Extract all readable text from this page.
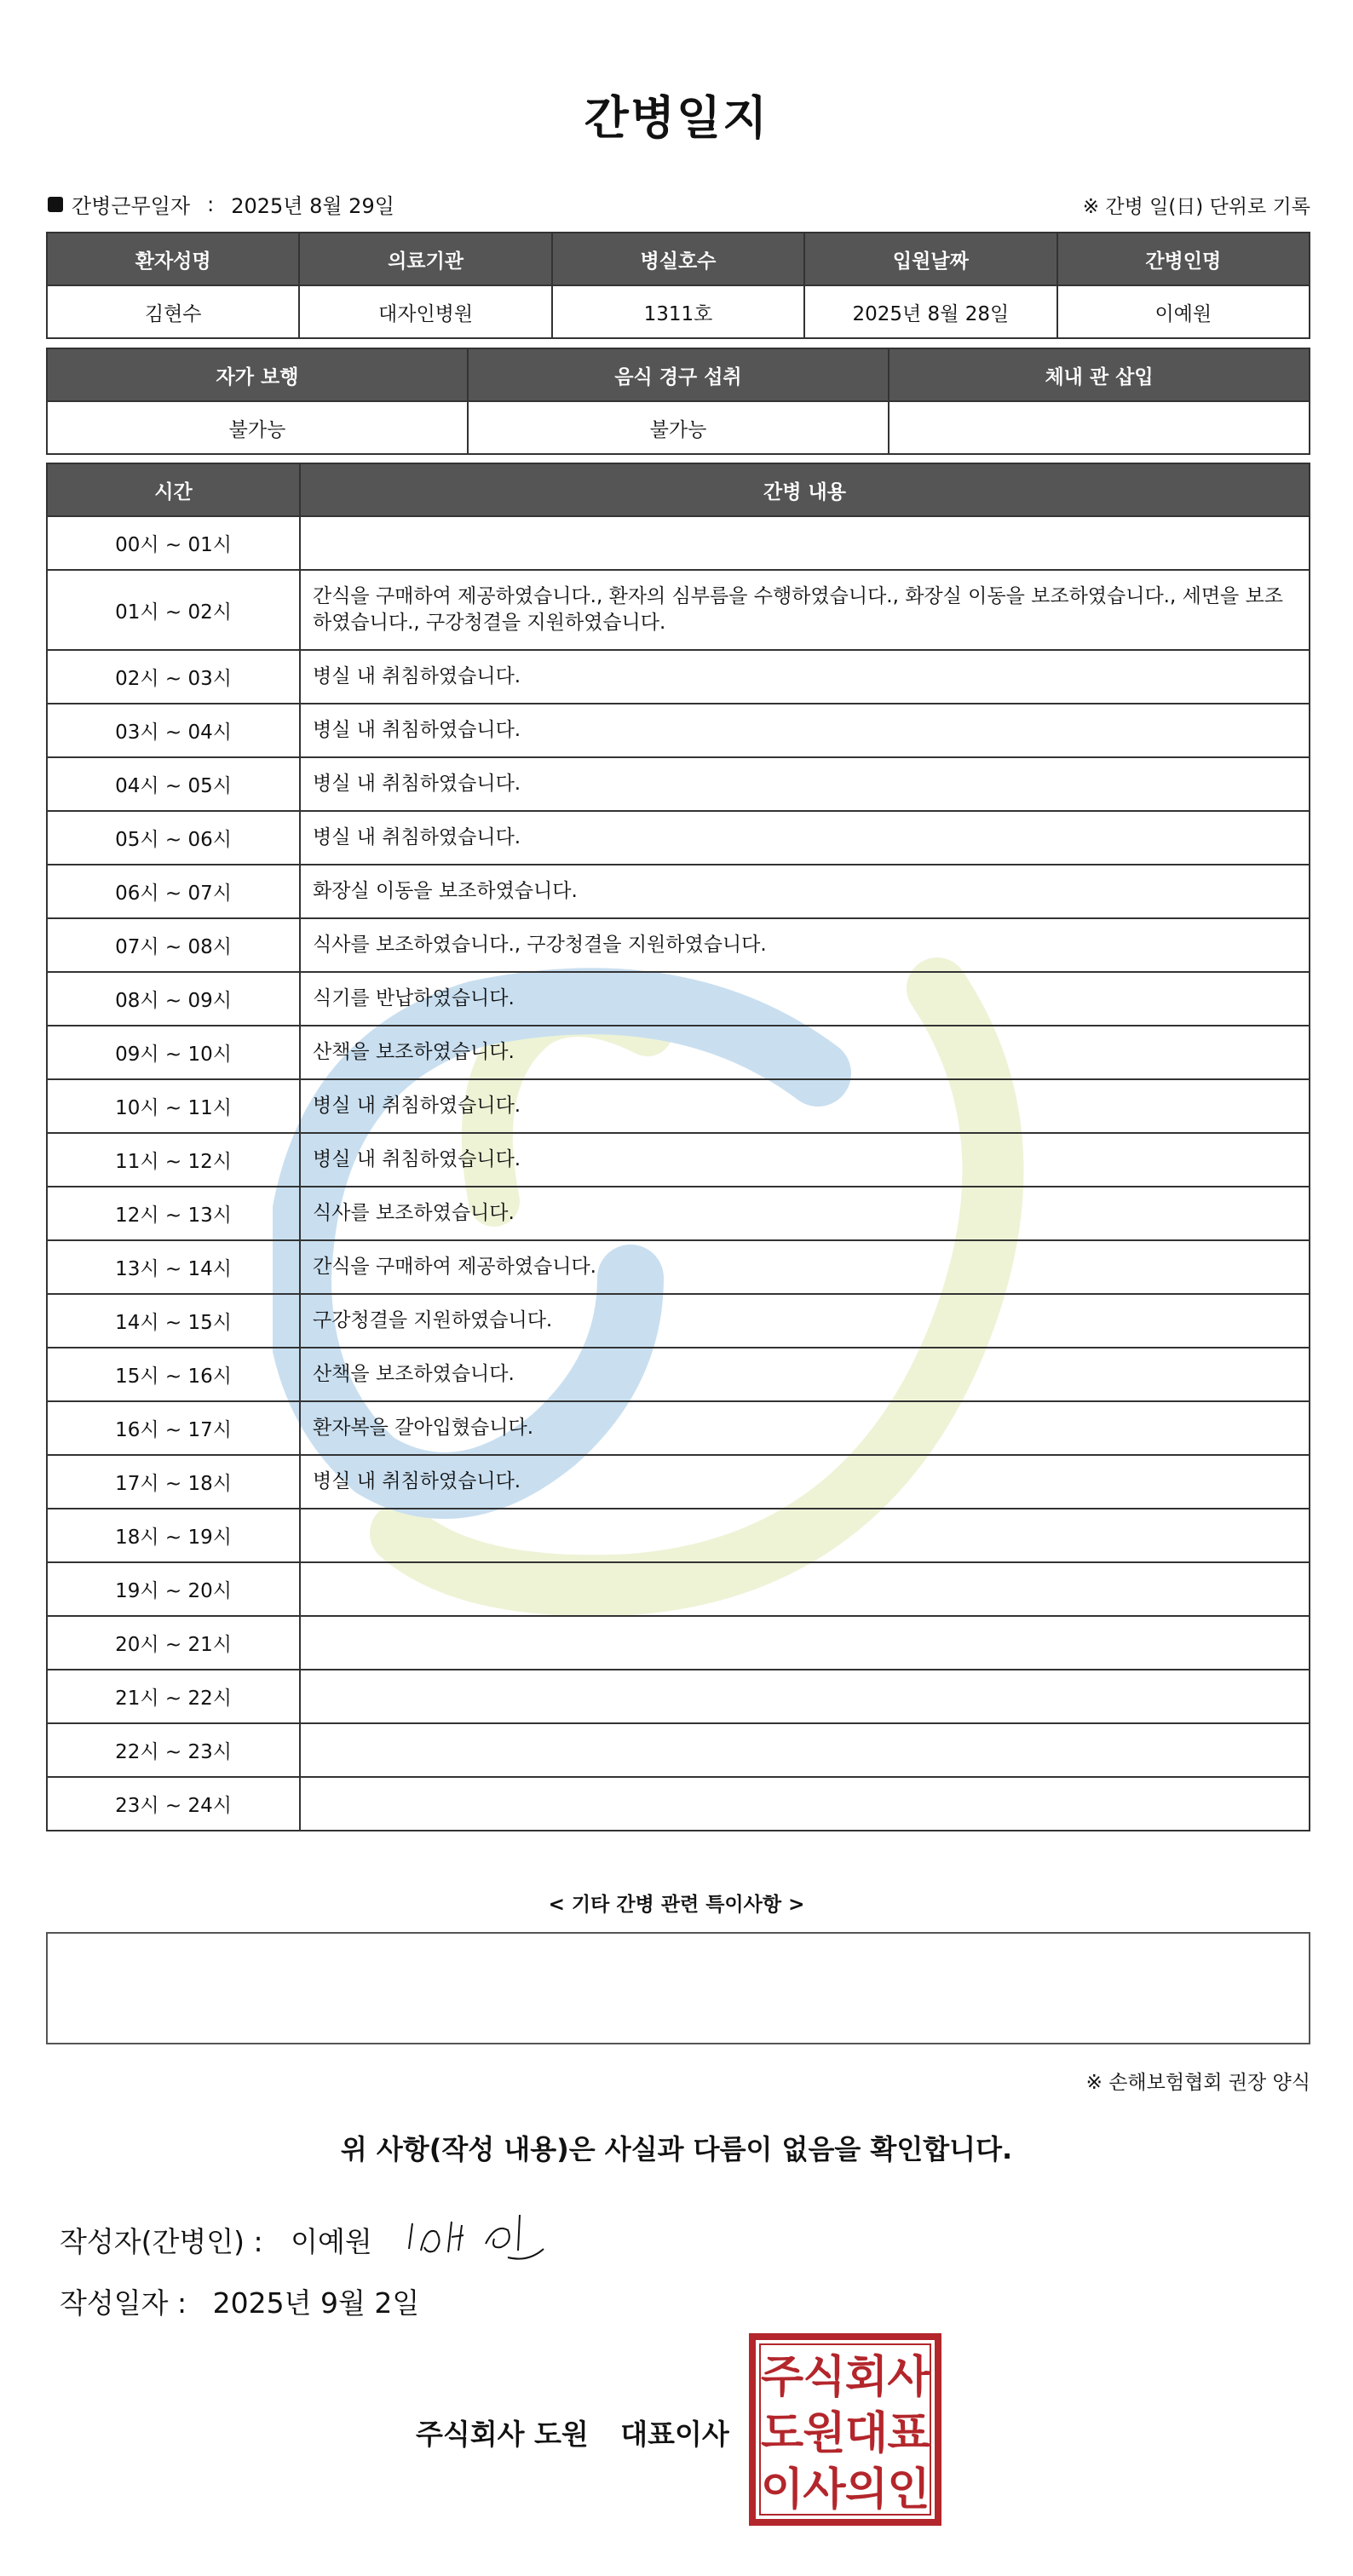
간병일지
간병근무일자 : 2025년 8월 29일	※ 간병 일(日) 단위로 기록
환자성명	의료기관	병실호수	입원날짜	간병인명
김현수	대자인병원	1311호	2025년 8월 28일	이예원
자가 보행	음식 경구 섭취	체내 관 삽입
불가능	불가능	
시간	간병 내용
00시 ~ 01시	
01시 ~ 02시	간식을 구매하여 제공하였습니다., 환자의 심부름을 수행하였습니다., 화장실 이동을 보조하였습니다., 세면을 보조하였습니다., 구강청결을 지원하였습니다.
02시 ~ 03시	병실 내 취침하였습니다.
03시 ~ 04시	병실 내 취침하였습니다.
04시 ~ 05시	병실 내 취침하였습니다.
05시 ~ 06시	병실 내 취침하였습니다.
06시 ~ 07시	화장실 이동을 보조하였습니다.
07시 ~ 08시	식사를 보조하였습니다., 구강청결을 지원하였습니다.
08시 ~ 09시	식기를 반납하였습니다.
09시 ~ 10시	산책을 보조하였습니다.
10시 ~ 11시	병실 내 취침하였습니다.
11시 ~ 12시	병실 내 취침하였습니다.
12시 ~ 13시	식사를 보조하였습니다.
13시 ~ 14시	간식을 구매하여 제공하였습니다.
14시 ~ 15시	구강청결을 지원하였습니다.
15시 ~ 16시	산책을 보조하였습니다.
16시 ~ 17시	환자복을 갈아입혔습니다.
17시 ~ 18시	병실 내 취침하였습니다.
18시 ~ 19시	
19시 ~ 20시	
20시 ~ 21시	
21시 ~ 22시	
22시 ~ 23시	
23시 ~ 24시	
< 기타 간병 관련 특이사항 >
※ 손해보험협회 권장 양식
위 사항(작성 내용)은 사실과 다름이 없음을 확인합니다.
작성자(간병인) : 이예원
작성일자 : 2025년 9월 2일
주식회사 도원 대표이사
주 식 회 사
도 원 대 표
이 사 의 인
